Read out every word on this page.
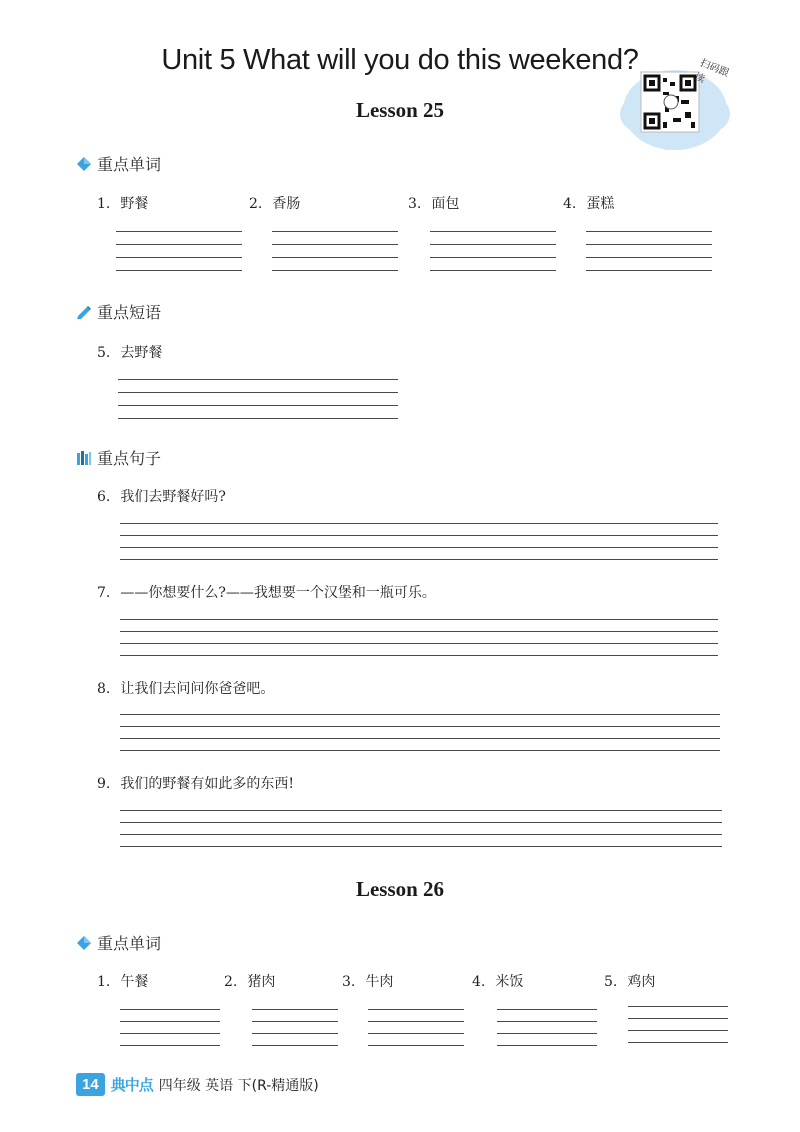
Unit 5 What will you do this weekend?	扫码跟读
Lesson 25
重点单词
1. 野餐	2. 香肠	3. 面包	4. 蛋糕
重点短语
5. 去野餐
重点句子
6. 我们去野餐好吗?
7. ——你想要什么?——我想要一个汉堡和一瓶可乐。
8. 让我们去问问你爸爸吧。
9. 我们的野餐有如此多的东西!
Lesson 26
重点单词
1. 午餐	2. 猪肉	3. 牛肉	4. 米饭	5. 鸡肉
14 典中点 四年级 英语 下(R-精通版)
